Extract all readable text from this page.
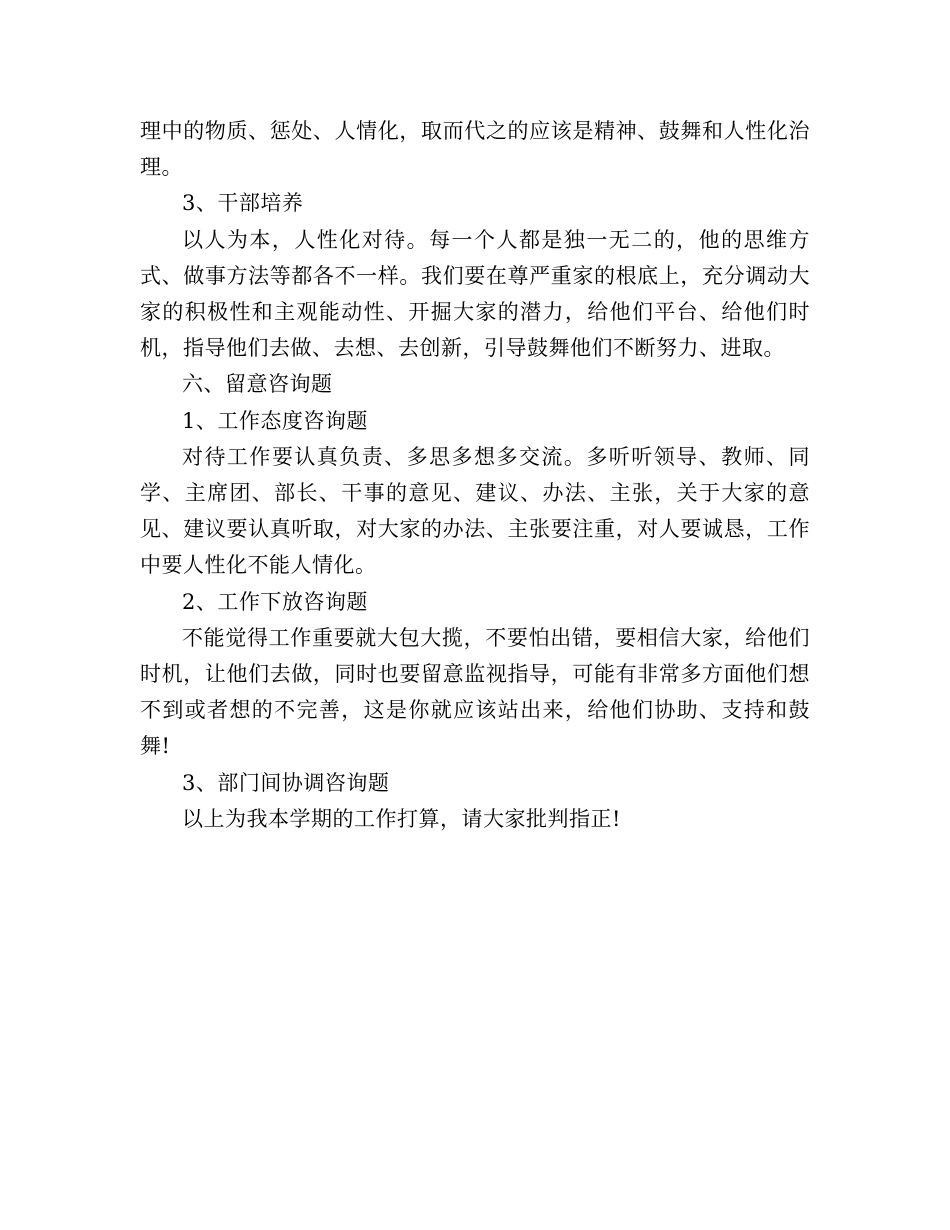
理中的物质、惩处、人情化，取而代之的应该是精神、鼓舞和人性化治理。

3、干部培养

以人为本，人性化对待。每一个人都是独一无二的，他的思维方式、做事方法等都各不一样。我们要在尊严重家的根底上，充分调动大家的积极性和主观能动性、开掘大家的潜力，给他们平台、给他们时机，指导他们去做、去想、去创新，引导鼓舞他们不断努力、进取。

六、留意咨询题

1、工作态度咨询题

对待工作要认真负责、多思多想多交流。多听听领导、教师、同学、主席团、部长、干事的意见、建议、办法、主张，关于大家的意见、建议要认真听取，对大家的办法、主张要注重，对人要诚恳，工作中要人性化不能人情化。

2、工作下放咨询题

不能觉得工作重要就大包大揽，不要怕出错，要相信大家，给他们时机，让他们去做，同时也要留意监视指导，可能有非常多方面他们想不到或者想的不完善，这是你就应该站出来，给他们协助、支持和鼓舞!

3、部门间协调咨询题

以上为我本学期的工作打算，请大家批判指正!
